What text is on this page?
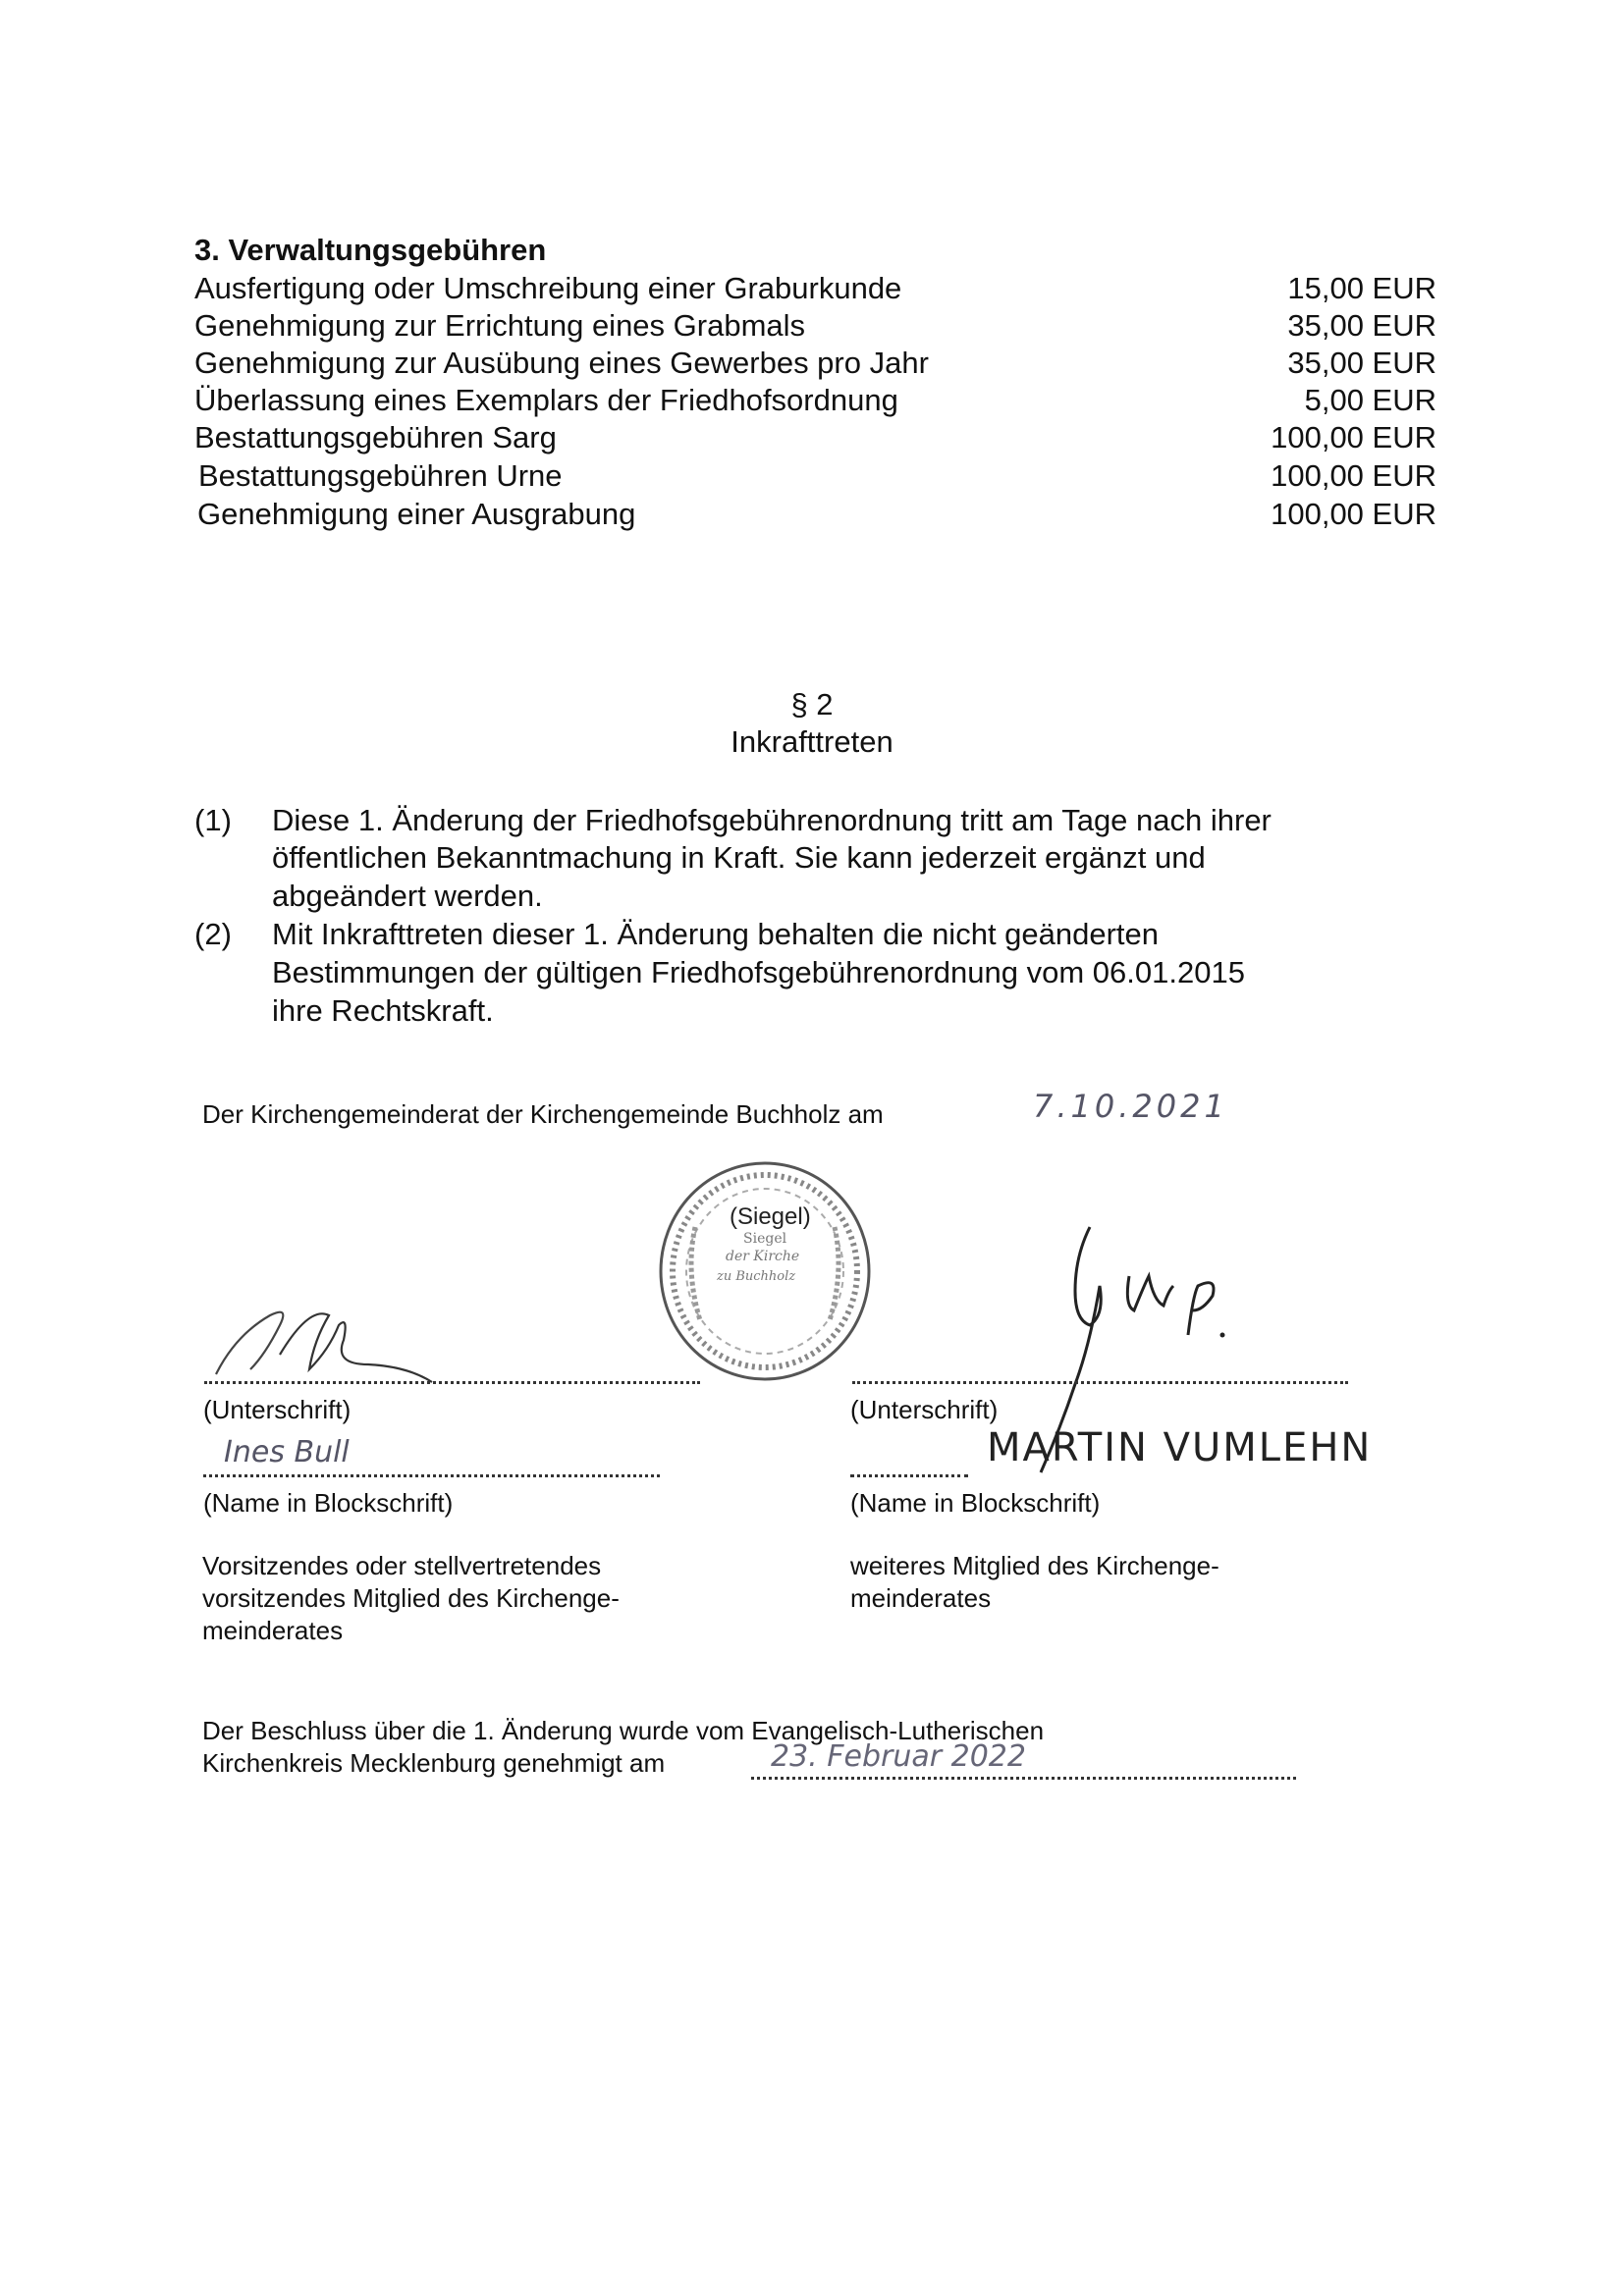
3. Verwaltungsgebühren
Ausfertigung oder Umschreibung einer Graburkunde	15,00 EUR
Genehmigung zur Errichtung eines Grabmals	35,00 EUR
Genehmigung zur Ausübung eines Gewerbes pro Jahr	35,00 EUR
Überlassung eines Exemplars der Friedhofsordnung	5,00 EUR
Bestattungsgebühren Sarg	100,00 EUR
Bestattungsgebühren Urne	100,00 EUR
Genehmigung einer Ausgrabung	100,00 EUR
§ 2
Inkrafttreten
(1) Diese 1. Änderung der Friedhofsgebührenordnung tritt am Tage nach ihrer
öffentlichen Bekanntmachung in Kraft. Sie kann jederzeit ergänzt und
abgeändert werden.
(2) Mit Inkrafttreten dieser 1. Änderung behalten die nicht geänderten
Bestimmungen der gültigen Friedhofsgebührenordnung vom 06.01.2015
ihre Rechtskraft.
Der Kirchengemeinderat der Kirchengemeinde Buchholz am	7.10.2021
(Siegel)
Siegel
der Kirche
zu Buchholz
(Unterschrift)
Ines Bull
(Name in Blockschrift)
Vorsitzendes oder stellvertretendes
vorsitzendes Mitglied des Kirchenge-
meinderates
(Unterschrift)
MARTIN VUMLEHN
(Name in Blockschrift)
weiteres Mitglied des Kirchenge-
meinderates
Der Beschluss über die 1. Änderung wurde vom Evangelisch-Lutherischen
Kirchenkreis Mecklenburg genehmigt am	23. Februar 2022
